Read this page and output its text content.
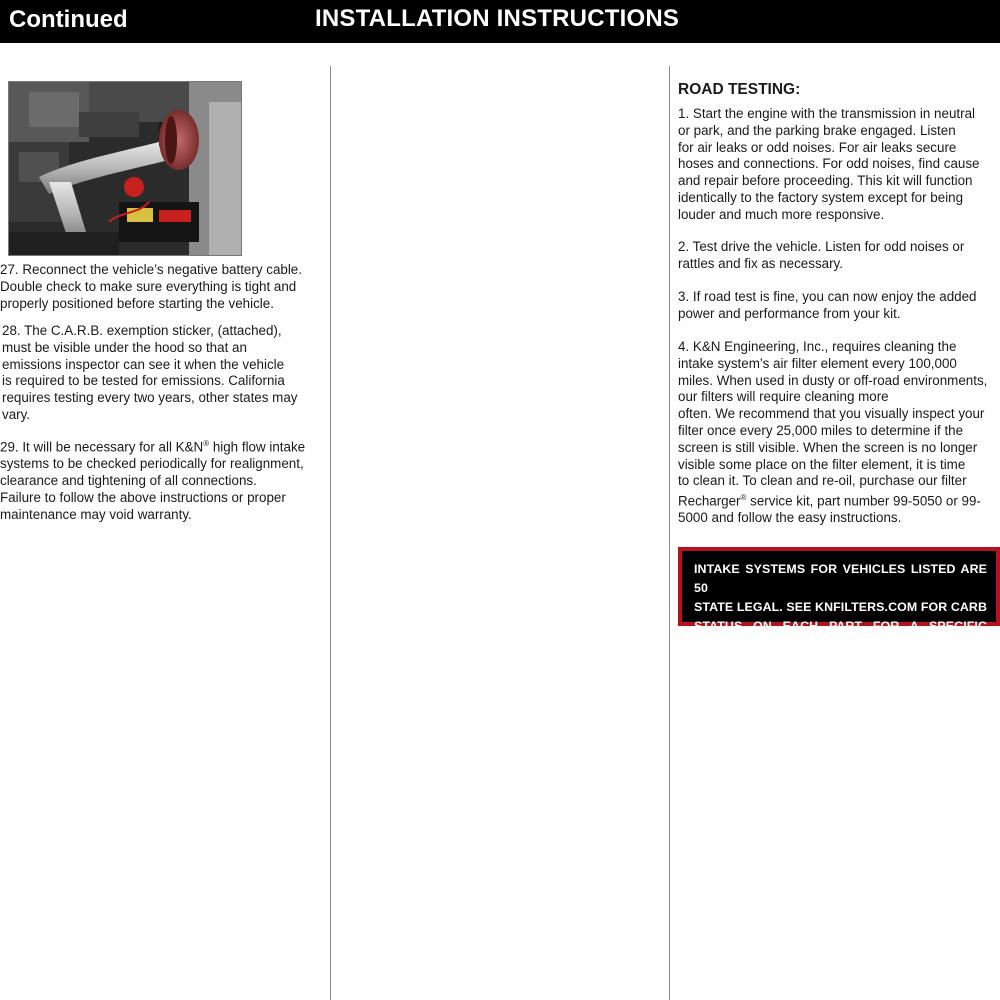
Continued	INSTALLATION INSTRUCTIONS

27. Reconnect the vehicle’s negative battery cable.
Double check to make sure everything is tight and
properly positioned before starting the vehicle.

28. The C.A.R.B. exemption sticker, (attached),
must be visible under the hood so that an
emissions inspector can see it when the vehicle
is required to be tested for emissions. California
requires testing every two years, other states may
vary.

29. It will be necessary for all K&N® high flow intake
systems to be checked periodically for realignment,
clearance and tightening of all connections.
Failure to follow the above instructions or proper
maintenance may void warranty.

ROAD TESTING:

1. Start the engine with the transmission in neutral
or park, and the parking brake engaged. Listen
for air leaks or odd noises. For air leaks secure
hoses and connections. For odd noises, find cause
and repair before proceeding. This kit will function
identically to the factory system except for being
louder and much more responsive.

2. Test drive the vehicle. Listen for odd noises or
rattles and fix as necessary.

3. If road test is fine, you can now enjoy the added
power and performance from your kit.

4. K&N Engineering, Inc., requires cleaning the
intake system’s air filter element every 100,000
miles. When used in dusty or off-road environments,
our filters will require cleaning more
often. We recommend that you visually inspect your
filter once every 25,000 miles to determine if the
screen is still visible. When the screen is no longer
visible some place on the filter element, it is time
to clean it. To clean and re-oil, purchase our filter
Recharger® service kit, part number 99-5050 or 99-
5000 and follow the easy instructions.

INTAKE SYSTEMS FOR VEHICLES LISTED ARE 50
STATE LEGAL. SEE KNFILTERS.COM FOR CARB
STATUS ON EACH PART FOR A SPECIFIC VEHICLE.
